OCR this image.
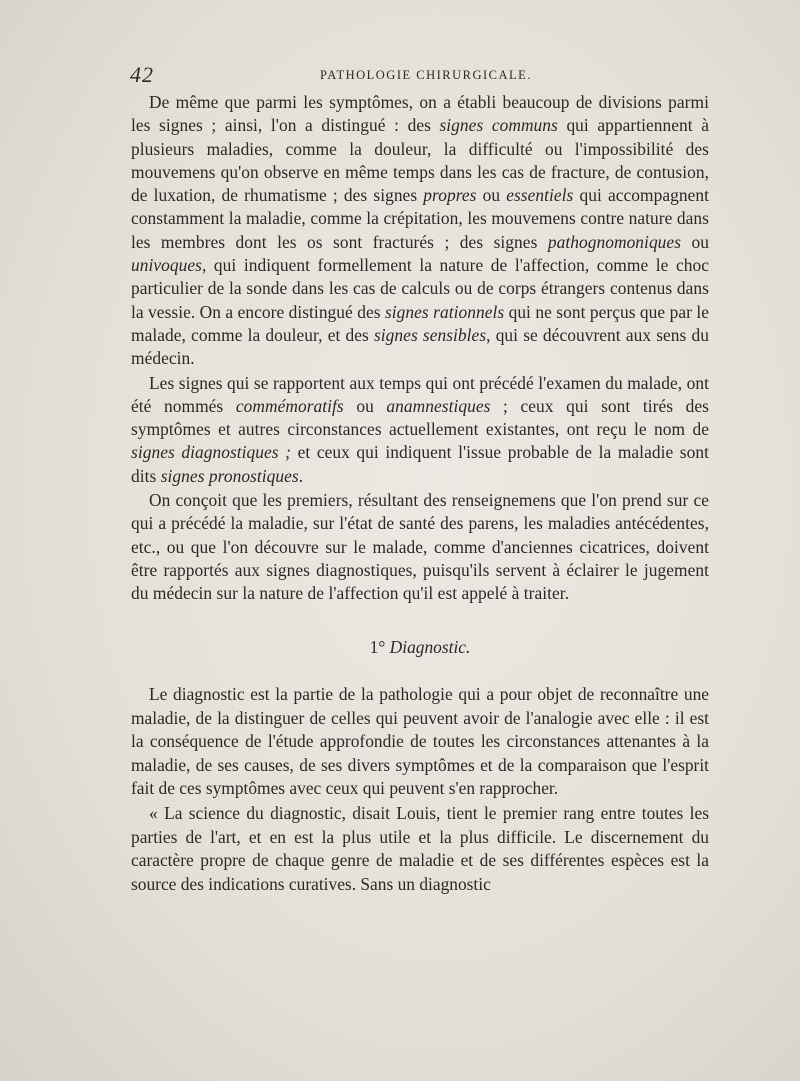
42	PATHOLOGIE CHIRURGICALE.

De même que parmi les symptômes, on a établi beaucoup de divisions parmi les signes ; ainsi, l'on a distingué : des signes communs qui appartiennent à plusieurs maladies, comme la douleur, la difficulté ou l'impossibilité des mouvemens qu'on observe en même temps dans les cas de fracture, de contusion, de luxation, de rhumatisme ; des signes propres ou essentiels qui accompagnent constamment la maladie, comme la crépitation, les mouvemens contre nature dans les membres dont les os sont fracturés ; des signes pathognomoniques ou univoques, qui indiquent formellement la nature de l'affection, comme le choc particulier de la sonde dans les cas de calculs ou de corps étrangers contenus dans la vessie. On a encore distingué des signes rationnels qui ne sont perçus que par le malade, comme la douleur, et des signes sensibles, qui se découvrent aux sens du médecin.

Les signes qui se rapportent aux temps qui ont précédé l'examen du malade, ont été nommés commémoratifs ou anamnestiques ; ceux qui sont tirés des symptômes et autres circonstances actuellement existantes, ont reçu le nom de signes diagnostiques ; et ceux qui indiquent l'issue probable de la maladie sont dits signes pronostiques.

On conçoit que les premiers, résultant des renseignemens que l'on prend sur ce qui a précédé la maladie, sur l'état de santé des parens, les maladies antécédentes, etc., ou que l'on découvre sur le malade, comme d'anciennes cicatrices, doivent être rapportés aux signes diagnostiques, puisqu'ils servent à éclairer le jugement du médecin sur la nature de l'affection qu'il est appelé à traiter.

1° Diagnostic.

Le diagnostic est la partie de la pathologie qui a pour objet de reconnaître une maladie, de la distinguer de celles qui peuvent avoir de l'analogie avec elle : il est la conséquence de l'étude approfondie de toutes les circonstances attenantes à la maladie, de ses causes, de ses divers symptômes et de la comparaison que l'esprit fait de ces symptômes avec ceux qui peuvent s'en rapprocher.

« La science du diagnostic, disait Louis, tient le premier rang entre toutes les parties de l'art, et en est la plus utile et la plus difficile. Le discernement du caractère propre de chaque genre de maladie et de ses différentes espèces est la source des indications curatives. Sans un diagnostic
